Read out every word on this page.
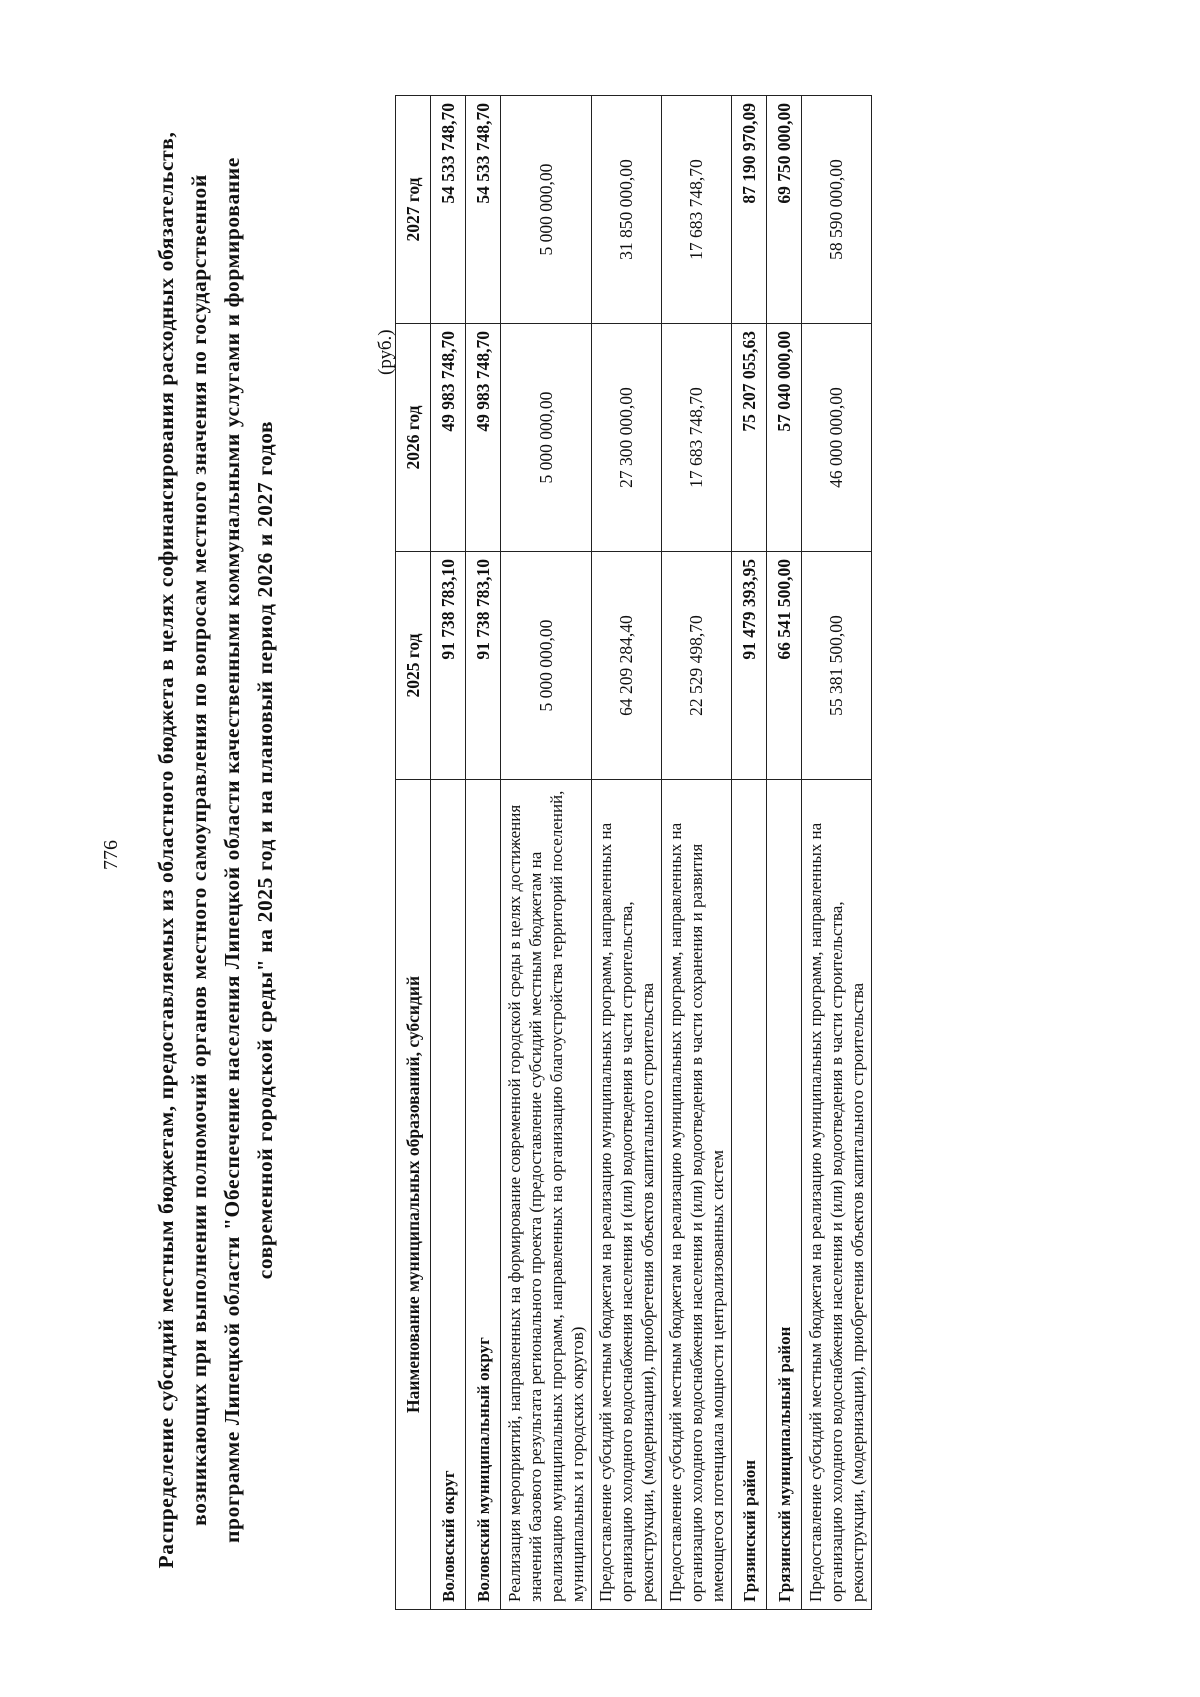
776 Распределение субсидий местным бюджетам, предоставляемых из областного бюджета в целях софинансирования расходных обязательств, возникающих при выполнении полномочий органов местного самоуправления по вопросам местного значения по государственной программе Липецкой области "Обеспечение населения Липецкой области качественными коммунальными услугами и формирование современной городской среды" на 2025 год и на плановый период 2026 и 2027 годов
(руб.)
Наименование муниципальных образований, субсидий	2025 год	2026 год	2027 год
Воловский округ	91 738 783,10	49 983 748,70	54 533 748,70
Воловский муниципальный округ	91 738 783,10	49 983 748,70	54 533 748,70
Реализация мероприятий, направленных на формирование современной городской среды в целях достижения значений базового результата регионального проекта (предоставление субсидий местным бюджетам на реализацию муниципальных программ, направленных на организацию благоустройства территорий поселений, муниципальных и городских округов)	5 000 000,00	5 000 000,00	5 000 000,00
Предоставление субсидий местным бюджетам на реализацию муниципальных программ, направленных на организацию холодного водоснабжения населения и (или) водоотведения в части строительства, реконструкции, (модернизации), приобретения объектов капитального строительства	64 209 284,40	27 300 000,00	31 850 000,00
Предоставление субсидий местным бюджетам на реализацию муниципальных программ, направленных на организацию холодного водоснабжения населения и (или) водоотведения в части сохранения и развития имеющегося потенциала мощности централизованных систем	22 529 498,70	17 683 748,70	17 683 748,70
Грязинский район	91 479 393,95	75 207 055,63	87 190 970,09
Грязинский муниципальный район	66 541 500,00	57 040 000,00	69 750 000,00
Предоставление субсидий местным бюджетам на реализацию муниципальных программ, направленных на организацию холодного водоснабжения населения и (или) водоотведения в части строительства, реконструкции, (модернизации), приобретения объектов капитального строительства	55 381 500,00	46 000 000,00	58 590 000,00
